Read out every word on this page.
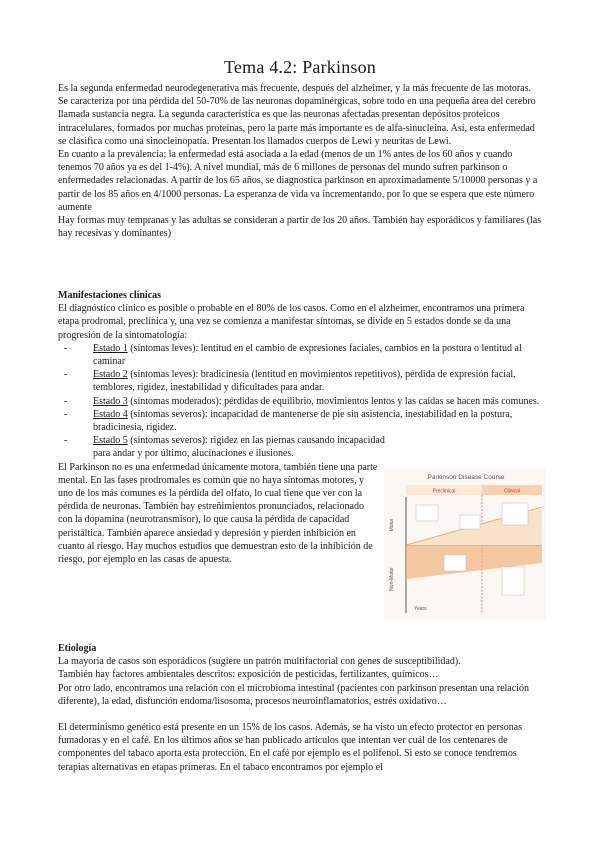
Tema 4.2: Parkinson

Es la segunda enfermedad neurodegenerativa más frecuente, después del alzheimer, y la más frecuente de las motoras. Se caracteriza por una pérdida del 50-70% de las neuronas dopaminérgicas, sobre todo en una pequeña área del cerebro llamada sustancia negra. La segunda característica es que las neuronas afectadas presentan depósitos proteicos intracelulares, formados por muchas proteínas, pero la parte más importante es de alfa-sinucleína. Así, esta enfermedad se clasifica como una sinocleinopatía. Presentan los llamados cuerpos de Lewi y neuritas de Lewi.

En cuanto a la prevalencia; la enfermedad está asociada a la edad (menos de un 1% antes de los 60 años y cuando tenemos 70 años ya es del 1-4%). A nivel mundial, más de 6 millones de personas del mundo sufren parkinson o enfermedades relacionadas. A partir de los 65 años, se diagnostica parkinson en aproximadamente 5/10000 personas y a partir de los 85 años en 4/1000 personas. La esperanza de vida va incrementando, por lo que se espera que este número aumente

Hay formas muy tempranas y las adultas se consideran a partir de los 20 años. También hay esporádicos y familiares (las hay recesivas y dominantes)

Manifestaciones clínicas

El diagnóstico clínico es posible o probable en el 80% de los casos. Como en el alzheimer, encontramos una primera etapa prodromal, preclínica y, una vez se comienza a manifestar síntomas, se divide en 5 estados donde se da una progresión de la sintomatología:

- Estado 1 (síntomas leves): lentitud en el cambio de expresiones faciales, cambios en la postura o lentitud al caminar
- Estado 2 (síntomas leves): bradicinesia (lentitud en movimientos repetitivos), pérdida de expresión facial, temblores, rigidez, inestabilidad y dificultades para andar.
- Estado 3 (síntomas moderados): pérdidas de equilibrio, movimientos lentos y las caídas se hacen más comunes.
- Estado 4 (síntomas severos): incapacidad de mantenerse de pie sin asistencia, inestabilidad en la postura, bradicinesia, rigidez.
- Estado 5 (síntomas severos): rigidez en las piernas causando incapacidad para andar y por último, alucinaciones e ilusiones.

El Parkinson no es una enfermedad únicamente motora, también tiene una parte mental. En las fases prodromales es común que no haya síntomas motores, y uno de los más comunes es la pérdida del olfato, lo cual tiene que ver con la pérdida de neuronas. También hay estreñimientos pronunciados, relacionado con la dopamina (neurotransmisor), lo que causa la pérdida de capacidad peristáltica. También aparece ansiedad y depresión y pierden inhibición en cuanto al riesgo. Hay muchos estudios que demuestran esto de la inhibición de riesgo, por ejemplo en las casas de apuesta.

Parkinson Disease Course
Preclinical	Clinical
Motor
Non-Motor
Years

Etiología

La mayoría de casos son esporádicos (sugiere un patrón multifactorial con genes de susceptibilidad).

También hay factores ambientales descritos: exposición de pesticidas, fertilizantes, químicos…

Por otro lado, encontramos una relación con el microbioma intestinal (pacientes con parkinson presentan una relación diferente), la edad, disfunción endoma/lisosoma, procesos neuroinflamatorios, estrés oxidativo…

El determinismo genético está presente en un 15% de los casos. Además, se ha visto un efecto protector en personas fumadoras y en el café. En los últimos años se han publicado artículos que intentan ver cuál de los centenares de componentes del tabaco aporta esta protección. En el café por ejemplo es el polifenol. Si esto se conoce tendremos terapias alternativas en etapas primeras. En el tabaco encontramos por ejemplo el
